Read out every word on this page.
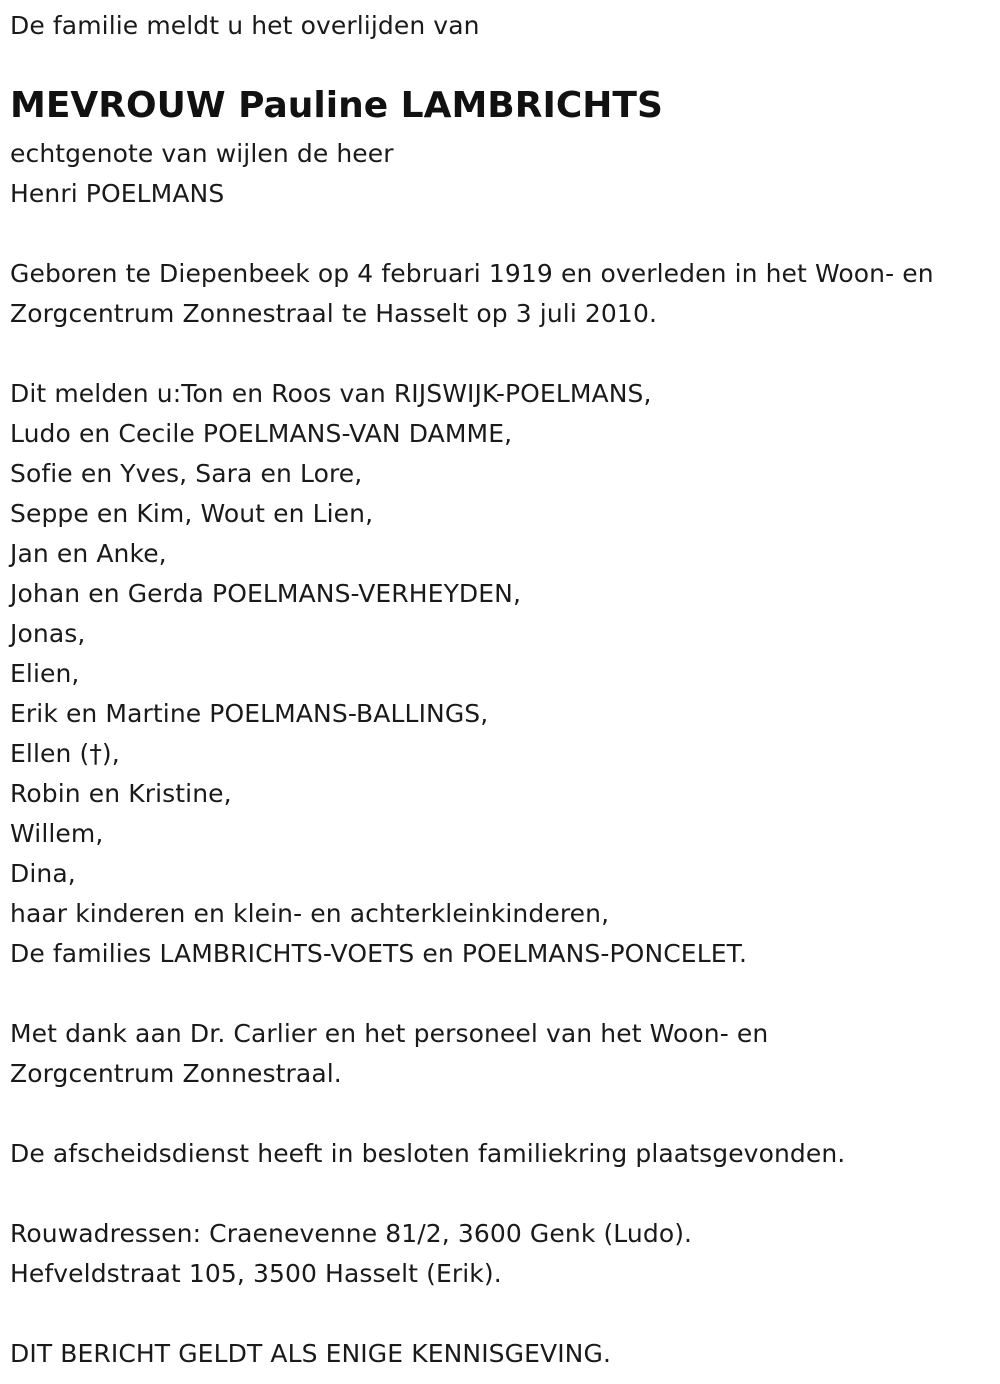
De familie meldt u het overlijden van
MEVROUW Pauline LAMBRICHTS
echtgenote van wijlen de heer
Henri POELMANS
Geboren te Diepenbeek op 4 februari 1919 en overleden in het Woon- en
Zorgcentrum Zonnestraal te Hasselt op 3 juli 2010.
Dit melden u:Ton en Roos van RIJSWIJK-POELMANS,
Ludo en Cecile POELMANS-VAN DAMME,
Sofie en Yves, Sara en Lore,
Seppe en Kim, Wout en Lien,
Jan en Anke,
Johan en Gerda POELMANS-VERHEYDEN,
Jonas,
Elien,
Erik en Martine POELMANS-BALLINGS,
Ellen (†),
Robin en Kristine,
Willem,
Dina,
haar kinderen en klein- en achterkleinkinderen,
De families LAMBRICHTS-VOETS en POELMANS-PONCELET.
Met dank aan Dr. Carlier en het personeel van het Woon- en
Zorgcentrum Zonnestraal.
De afscheidsdienst heeft in besloten familiekring plaatsgevonden.
Rouwadressen: Craenevenne 81/2, 3600 Genk (Ludo).
Hefveldstraat 105, 3500 Hasselt (Erik).
DIT BERICHT GELDT ALS ENIGE KENNISGEVING.
